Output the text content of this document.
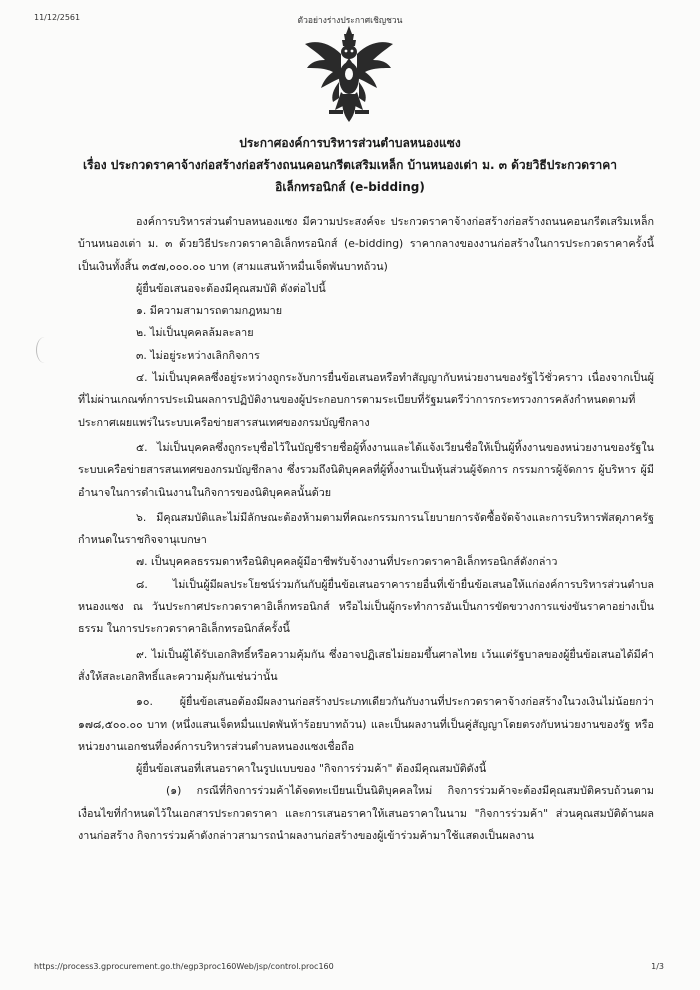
11/12/2561	ตัวอย่างร่างประกาศเชิญชวน
ประกาศองค์การบริหารส่วนตำบลหนองแซง
เรื่อง ประกวดราคาจ้างก่อสร้างก่อสร้างถนนคอนกรีตเสริมเหล็ก บ้านหนองเต่า ม. ๓ ด้วยวิธีประกวดราคา
อิเล็กทรอนิกส์ (e-bidding)

องค์การบริหารส่วนตำบลหนองแซง มีความประสงค์จะ ประกวดราคาจ้างก่อสร้างก่อสร้างถนนคอนกรีตเสริมเหล็ก บ้านหนองเต่า ม. ๓ ด้วยวิธีประกวดราคาอิเล็กทรอนิกส์ (e-bidding) ราคากลางของงานก่อสร้างในการประกวดราคาครั้งนี้ เป็นเงินทั้งสิ้น ๓๕๗,๐๐๐.๐๐ บาท (สามแสนห้าหมื่นเจ็ดพันบาทถ้วน)

ผู้ยื่นข้อเสนอจะต้องมีคุณสมบัติ ดังต่อไปนี้

๑. มีความสามารถตามกฎหมาย

๒. ไม่เป็นบุคคลล้มละลาย

๓. ไม่อยู่ระหว่างเลิกกิจการ

๔. ไม่เป็นบุคคลซึ่งอยู่ระหว่างถูกระงับการยื่นข้อเสนอหรือทำสัญญากับหน่วยงานของรัฐไว้ชั่วคราว เนื่องจากเป็นผู้ที่ไม่ผ่านเกณฑ์การประเมินผลการปฏิบัติงานของผู้ประกอบการตามระเบียบที่รัฐมนตรีว่าการกระทรวงการคลังกำหนดตามที่ประกาศเผยแพร่ในระบบเครือข่ายสารสนเทศของกรมบัญชีกลาง

๕. ไม่เป็นบุคคลซึ่งถูกระบุชื่อไว้ในบัญชีรายชื่อผู้ทิ้งงานและได้แจ้งเวียนชื่อให้เป็นผู้ทิ้งงานของหน่วยงานของรัฐในระบบเครือข่ายสารสนเทศของกรมบัญชีกลาง ซึ่งรวมถึงนิติบุคคลที่ผู้ทิ้งงานเป็นหุ้นส่วนผู้จัดการ กรรมการผู้จัดการ ผู้บริหาร ผู้มีอำนาจในการดำเนินงานในกิจการของนิติบุคคลนั้นด้วย

๖. มีคุณสมบัติและไม่มีลักษณะต้องห้ามตามที่คณะกรรมการนโยบายการจัดซื้อจัดจ้างและการบริหารพัสดุภาครัฐกำหนดในราชกิจจานุเบกษา

๗. เป็นบุคคลธรรมดาหรือนิติบุคคลผู้มีอาชีพรับจ้างงานที่ประกวดราคาอิเล็กทรอนิกส์ดังกล่าว

๘. ไม่เป็นผู้มีผลประโยชน์ร่วมกันกับผู้ยื่นข้อเสนอราคารายอื่นที่เข้ายื่นข้อเสนอให้แก่องค์การบริหารส่วนตำบลหนองแซง ณ วันประกาศประกวดราคาอิเล็กทรอนิกส์ หรือไม่เป็นผู้กระทำการอันเป็นการขัดขวางการแข่งขันราคาอย่างเป็นธรรม ในการประกวดราคาอิเล็กทรอนิกส์ครั้งนี้

๙. ไม่เป็นผู้ได้รับเอกสิทธิ์หรือความคุ้มกัน ซึ่งอาจปฏิเสธไม่ยอมขึ้นศาลไทย เว้นแต่รัฐบาลของผู้ยื่นข้อเสนอได้มีคำสั่งให้สละเอกสิทธิ์และความคุ้มกันเช่นว่านั้น

๑๐. ผู้ยื่นข้อเสนอต้องมีผลงานก่อสร้างประเภทเดียวกันกับงานที่ประกวดราคาจ้างก่อสร้างในวงเงินไม่น้อยกว่า ๑๗๘,๕๐๐.๐๐ บาท (หนึ่งแสนเจ็ดหมื่นแปดพันห้าร้อยบาทถ้วน) และเป็นผลงานที่เป็นคู่สัญญาโดยตรงกับหน่วยงานของรัฐ หรือหน่วยงานเอกชนที่องค์การบริหารส่วนตำบลหนองแซงเชื่อถือ

ผู้ยื่นข้อเสนอที่เสนอราคาในรูปแบบของ "กิจการร่วมค้า" ต้องมีคุณสมบัติดังนี้

(๑) กรณีที่กิจการร่วมค้าได้จดทะเบียนเป็นนิติบุคคลใหม่ กิจการร่วมค้าจะต้องมีคุณสมบัติครบถ้วนตามเงื่อนไขที่กำหนดไว้ในเอกสารประกวดราคา และการเสนอราคาให้เสนอราคาในนาม "กิจการร่วมค้า" ส่วนคุณสมบัติด้านผลงานก่อสร้าง กิจการร่วมค้าดังกล่าวสามารถนำผลงานก่อสร้างของผู้เข้าร่วมค้ามาใช้แสดงเป็นผลงาน

https://process3.gprocurement.go.th/egp3proc160Web/jsp/control.proc160	1/3
